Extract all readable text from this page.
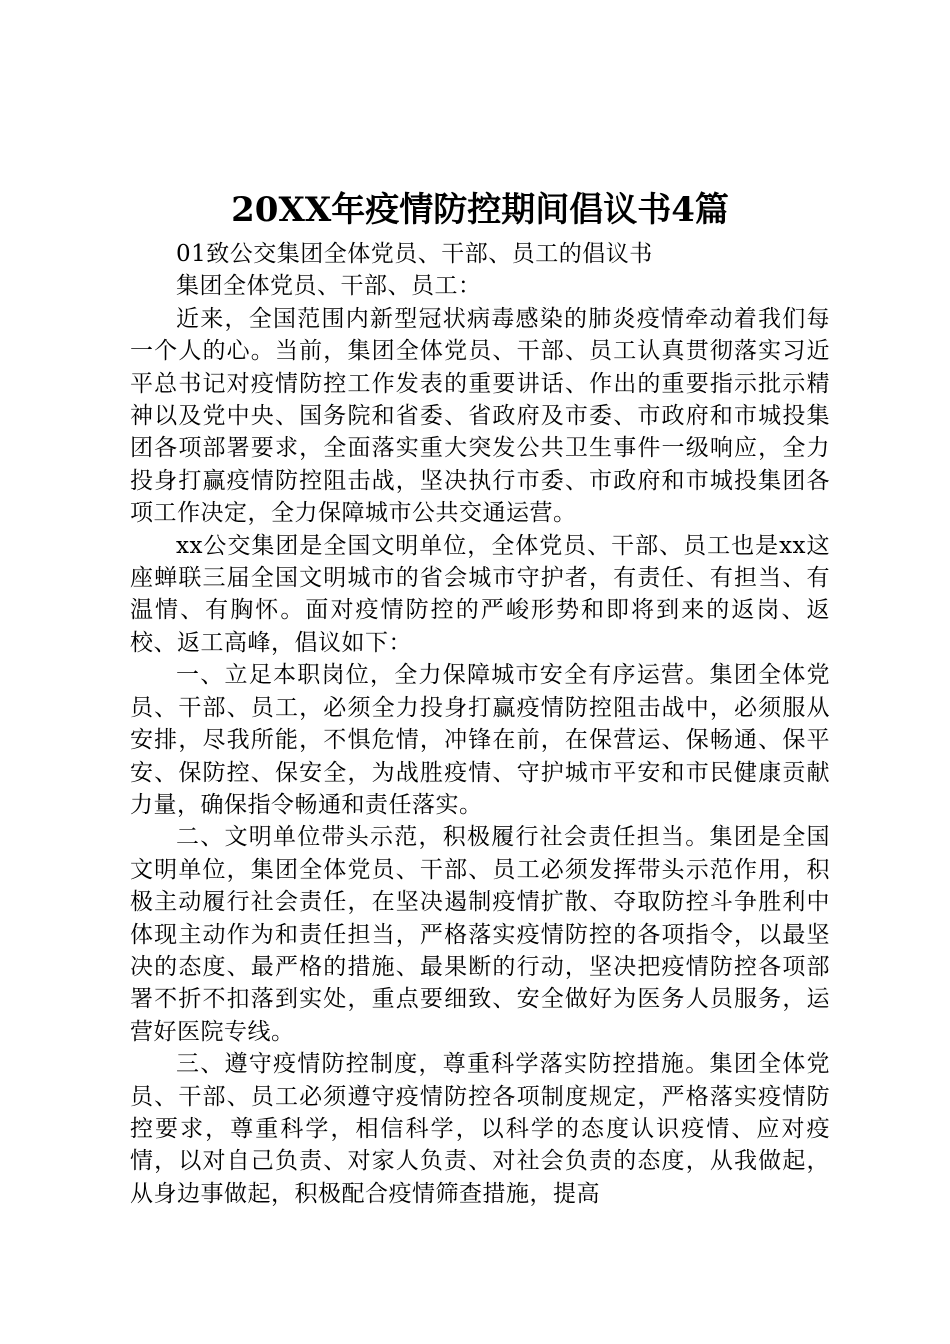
20XX年疫情防控期间倡议书4篇

01致公交集团全体党员、干部、员工的倡议书

集团全体党员、干部、员工：

近来，全国范围内新型冠状病毒感染的肺炎疫情牵动着我们每一个人的心。当前，集团全体党员、干部、员工认真贯彻落实习近平总书记对疫情防控工作发表的重要讲话、作出的重要指示批示精神以及党中央、国务院和省委、省政府及市委、市政府和市城投集团各项部署要求，全面落实重大突发公共卫生事件一级响应，全力投身打赢疫情防控阻击战，坚决执行市委、市政府和市城投集团各项工作决定，全力保障城市公共交通运营。

xx公交集团是全国文明单位，全体党员、干部、员工也是xx这座蝉联三届全国文明城市的省会城市守护者，有责任、有担当、有温情、有胸怀。面对疫情防控的严峻形势和即将到来的返岗、返校、返工高峰，倡议如下：

一、立足本职岗位，全力保障城市安全有序运营。集团全体党员、干部、员工，必须全力投身打赢疫情防控阻击战中，必须服从安排，尽我所能，不惧危情，冲锋在前，在保营运、保畅通、保平安、保防控、保安全，为战胜疫情、守护城市平安和市民健康贡献力量，确保指令畅通和责任落实。

二、文明单位带头示范，积极履行社会责任担当。集团是全国文明单位，集团全体党员、干部、员工必须发挥带头示范作用，积极主动履行社会责任，在坚决遏制疫情扩散、夺取防控斗争胜利中体现主动作为和责任担当，严格落实疫情防控的各项指令，以最坚决的态度、最严格的措施、最果断的行动，坚决把疫情防控各项部署不折不扣落到实处，重点要细致、安全做好为医务人员服务，运营好医院专线。

三、遵守疫情防控制度，尊重科学落实防控措施。集团全体党员、干部、员工必须遵守疫情防控各项制度规定，严格落实疫情防控要求，尊重科学，相信科学，以科学的态度认识疫情、应对疫情，以对自己负责、对家人负责、对社会负责的态度，从我做起，从身边事做起，积极配合疫情筛查措施，提高
